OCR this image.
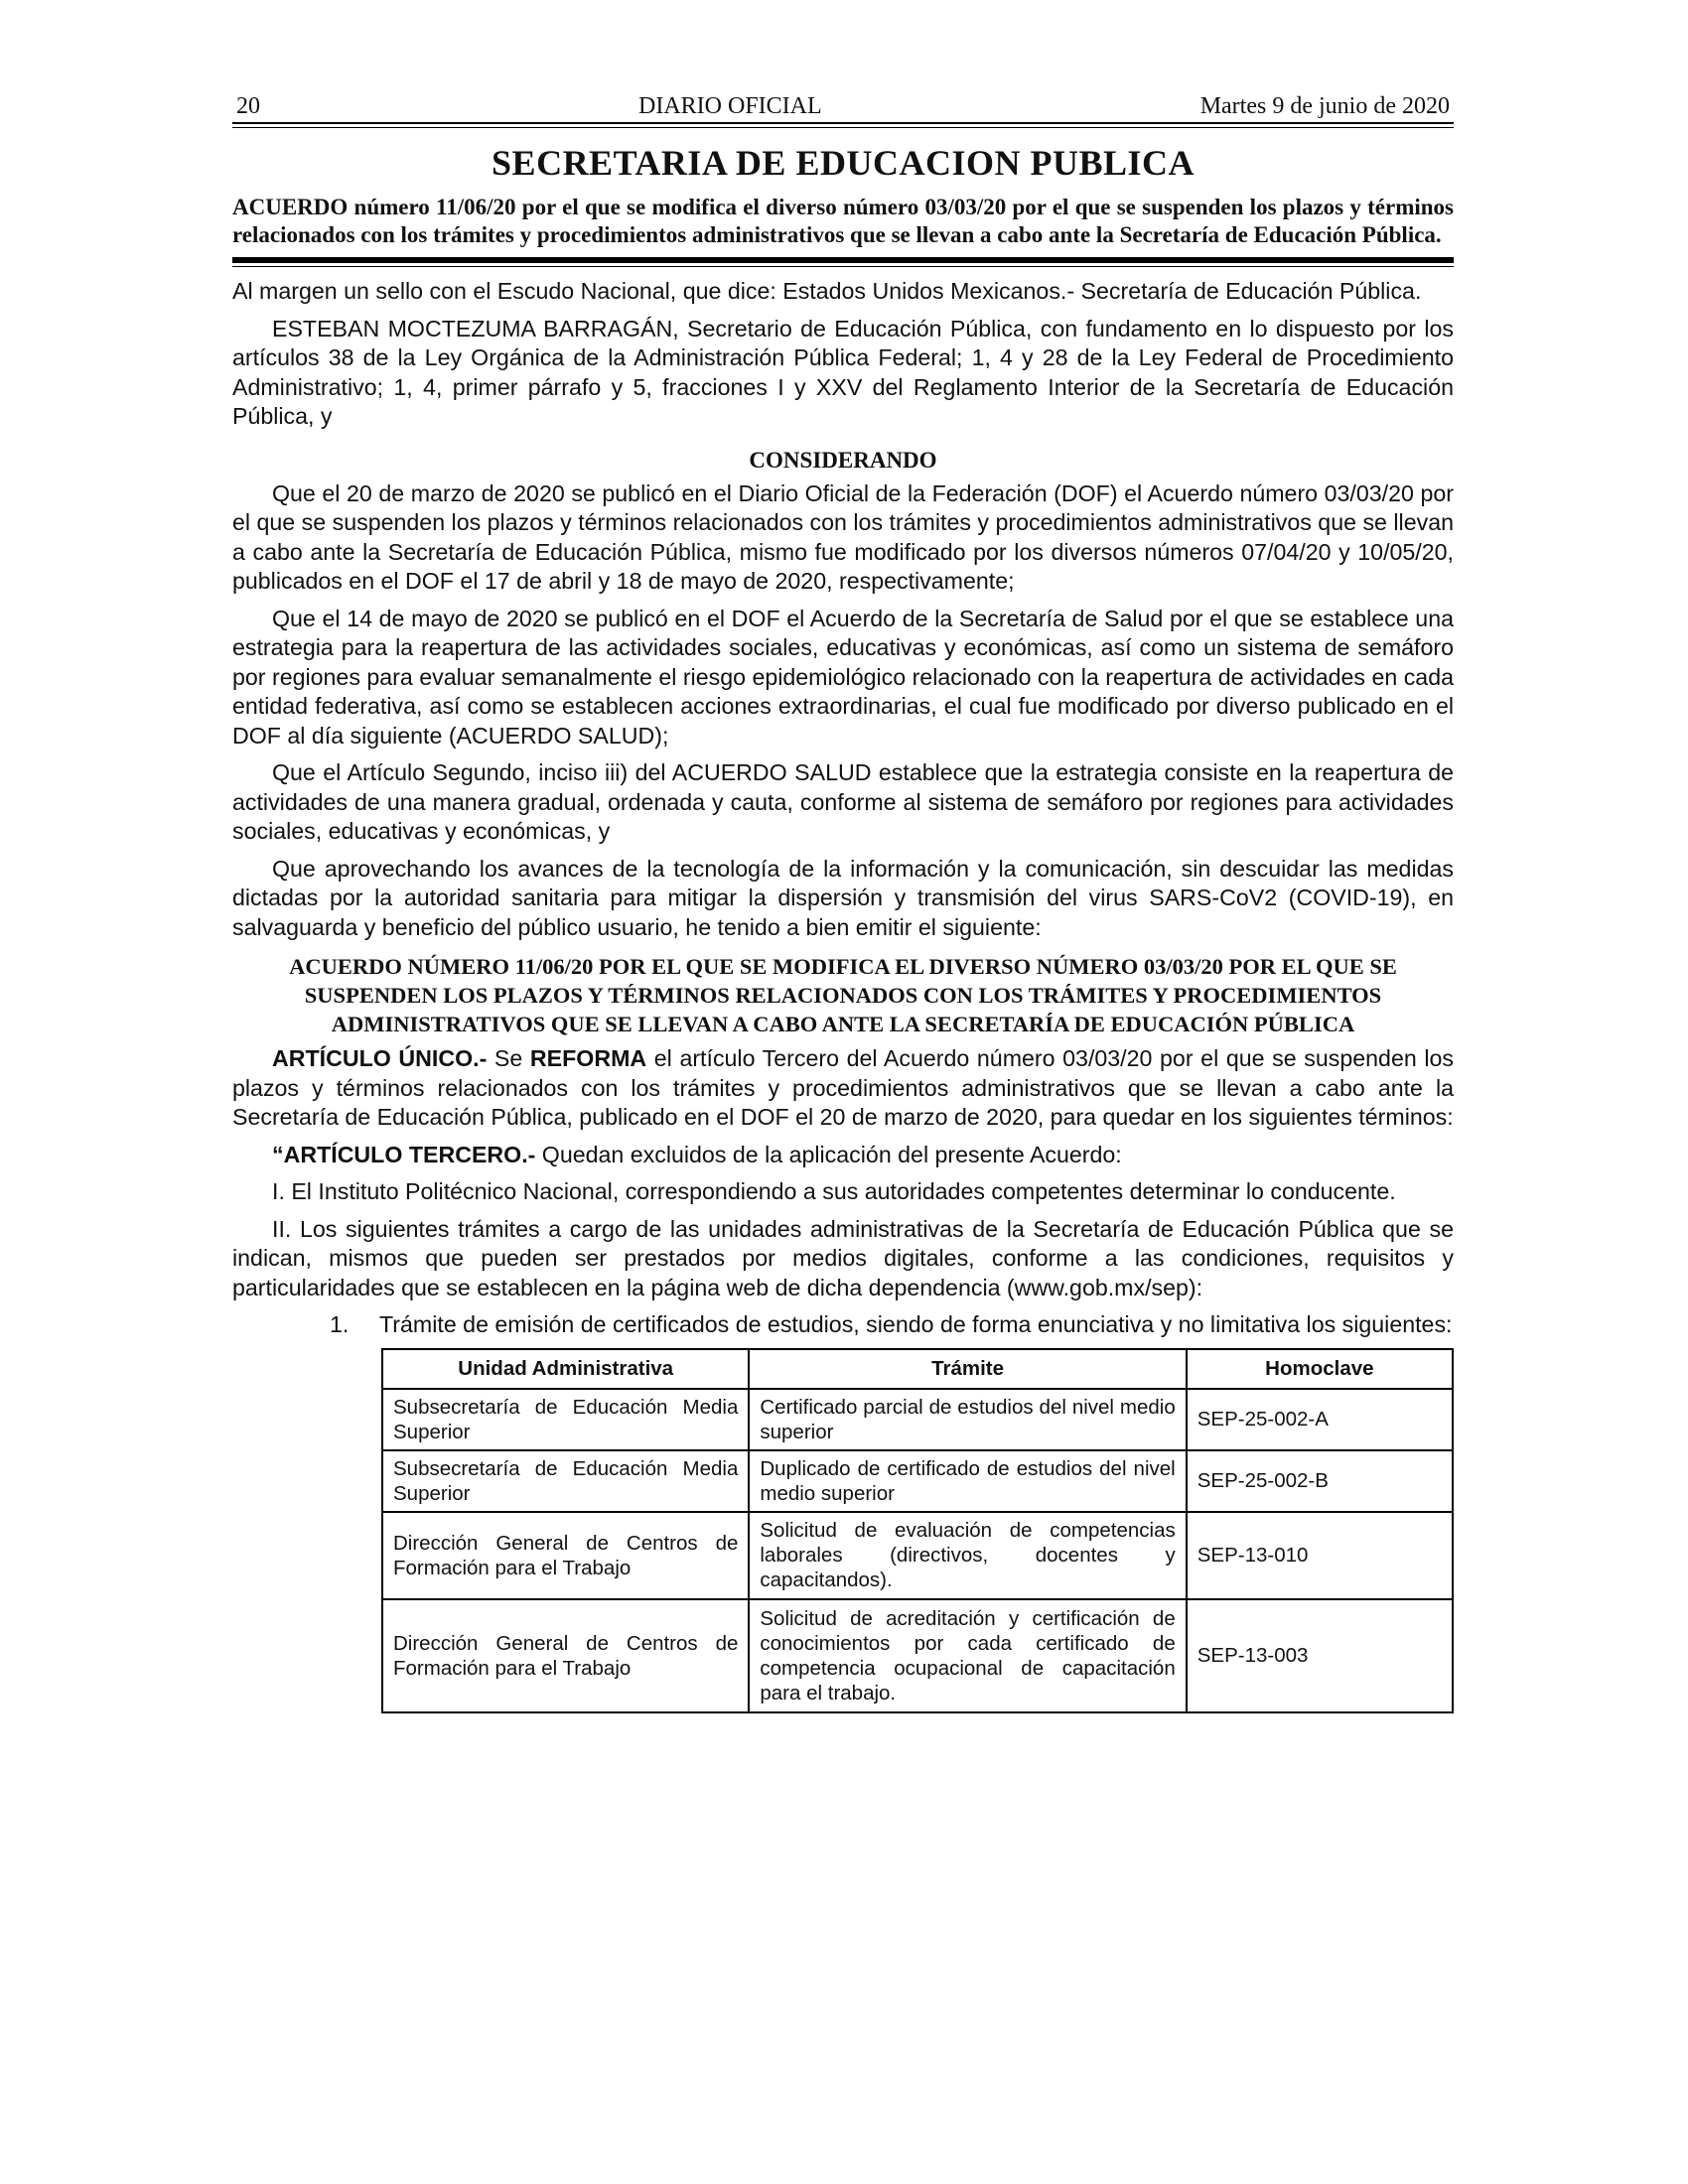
20	DIARIO OFICIAL	Martes 9 de junio de 2020
SECRETARIA DE EDUCACION PUBLICA
ACUERDO número 11/06/20 por el que se modifica el diverso número 03/03/20 por el que se suspenden los plazos y términos relacionados con los trámites y procedimientos administrativos que se llevan a cabo ante la Secretaría de Educación Pública.
Al margen un sello con el Escudo Nacional, que dice: Estados Unidos Mexicanos.- Secretaría de Educación Pública.
ESTEBAN MOCTEZUMA BARRAGÁN, Secretario de Educación Pública, con fundamento en lo dispuesto por los artículos 38 de la Ley Orgánica de la Administración Pública Federal; 1, 4 y 28 de la Ley Federal de Procedimiento Administrativo; 1, 4, primer párrafo y 5, fracciones I y XXV del Reglamento Interior de la Secretaría de Educación Pública, y
CONSIDERANDO
Que el 20 de marzo de 2020 se publicó en el Diario Oficial de la Federación (DOF) el Acuerdo número 03/03/20 por el que se suspenden los plazos y términos relacionados con los trámites y procedimientos administrativos que se llevan a cabo ante la Secretaría de Educación Pública, mismo fue modificado por los diversos números 07/04/20 y 10/05/20, publicados en el DOF el 17 de abril y 18 de mayo de 2020, respectivamente;
Que el 14 de mayo de 2020 se publicó en el DOF el Acuerdo de la Secretaría de Salud por el que se establece una estrategia para la reapertura de las actividades sociales, educativas y económicas, así como un sistema de semáforo por regiones para evaluar semanalmente el riesgo epidemiológico relacionado con la reapertura de actividades en cada entidad federativa, así como se establecen acciones extraordinarias, el cual fue modificado por diverso publicado en el DOF al día siguiente (ACUERDO SALUD);
Que el Artículo Segundo, inciso iii) del ACUERDO SALUD establece que la estrategia consiste en la reapertura de actividades de una manera gradual, ordenada y cauta, conforme al sistema de semáforo por regiones para actividades sociales, educativas y económicas, y
Que aprovechando los avances de la tecnología de la información y la comunicación, sin descuidar las medidas dictadas por la autoridad sanitaria para mitigar la dispersión y transmisión del virus SARS-CoV2 (COVID-19), en salvaguarda y beneficio del público usuario, he tenido a bien emitir el siguiente:
ACUERDO NÚMERO 11/06/20 POR EL QUE SE MODIFICA EL DIVERSO NÚMERO 03/03/20 POR EL QUE SE SUSPENDEN LOS PLAZOS Y TÉRMINOS RELACIONADOS CON LOS TRÁMITES Y PROCEDIMIENTOS ADMINISTRATIVOS QUE SE LLEVAN A CABO ANTE LA SECRETARÍA DE EDUCACIÓN PÚBLICA
ARTÍCULO ÚNICO.- Se REFORMA el artículo Tercero del Acuerdo número 03/03/20 por el que se suspenden los plazos y términos relacionados con los trámites y procedimientos administrativos que se llevan a cabo ante la Secretaría de Educación Pública, publicado en el DOF el 20 de marzo de 2020, para quedar en los siguientes términos:
“ARTÍCULO TERCERO.- Quedan excluidos de la aplicación del presente Acuerdo:
I. El Instituto Politécnico Nacional, correspondiendo a sus autoridades competentes determinar lo conducente.
II. Los siguientes trámites a cargo de las unidades administrativas de la Secretaría de Educación Pública que se indican, mismos que pueden ser prestados por medios digitales, conforme a las condiciones, requisitos y particularidades que se establecen en la página web de dicha dependencia (www.gob.mx/sep):
1.	Trámite de emisión de certificados de estudios, siendo de forma enunciativa y no limitativa los siguientes:
Unidad Administrativa	Trámite	Homoclave
Subsecretaría de Educación Media Superior	Certificado parcial de estudios del nivel medio superior	SEP-25-002-A
Subsecretaría de Educación Media Superior	Duplicado de certificado de estudios del nivel medio superior	SEP-25-002-B
Dirección General de Centros de Formación para el Trabajo	Solicitud de evaluación de competencias laborales (directivos, docentes y capacitandos).	SEP-13-010
Dirección General de Centros de Formación para el Trabajo	Solicitud de acreditación y certificación de conocimientos por cada certificado de competencia ocupacional de capacitación para el trabajo.	SEP-13-003
